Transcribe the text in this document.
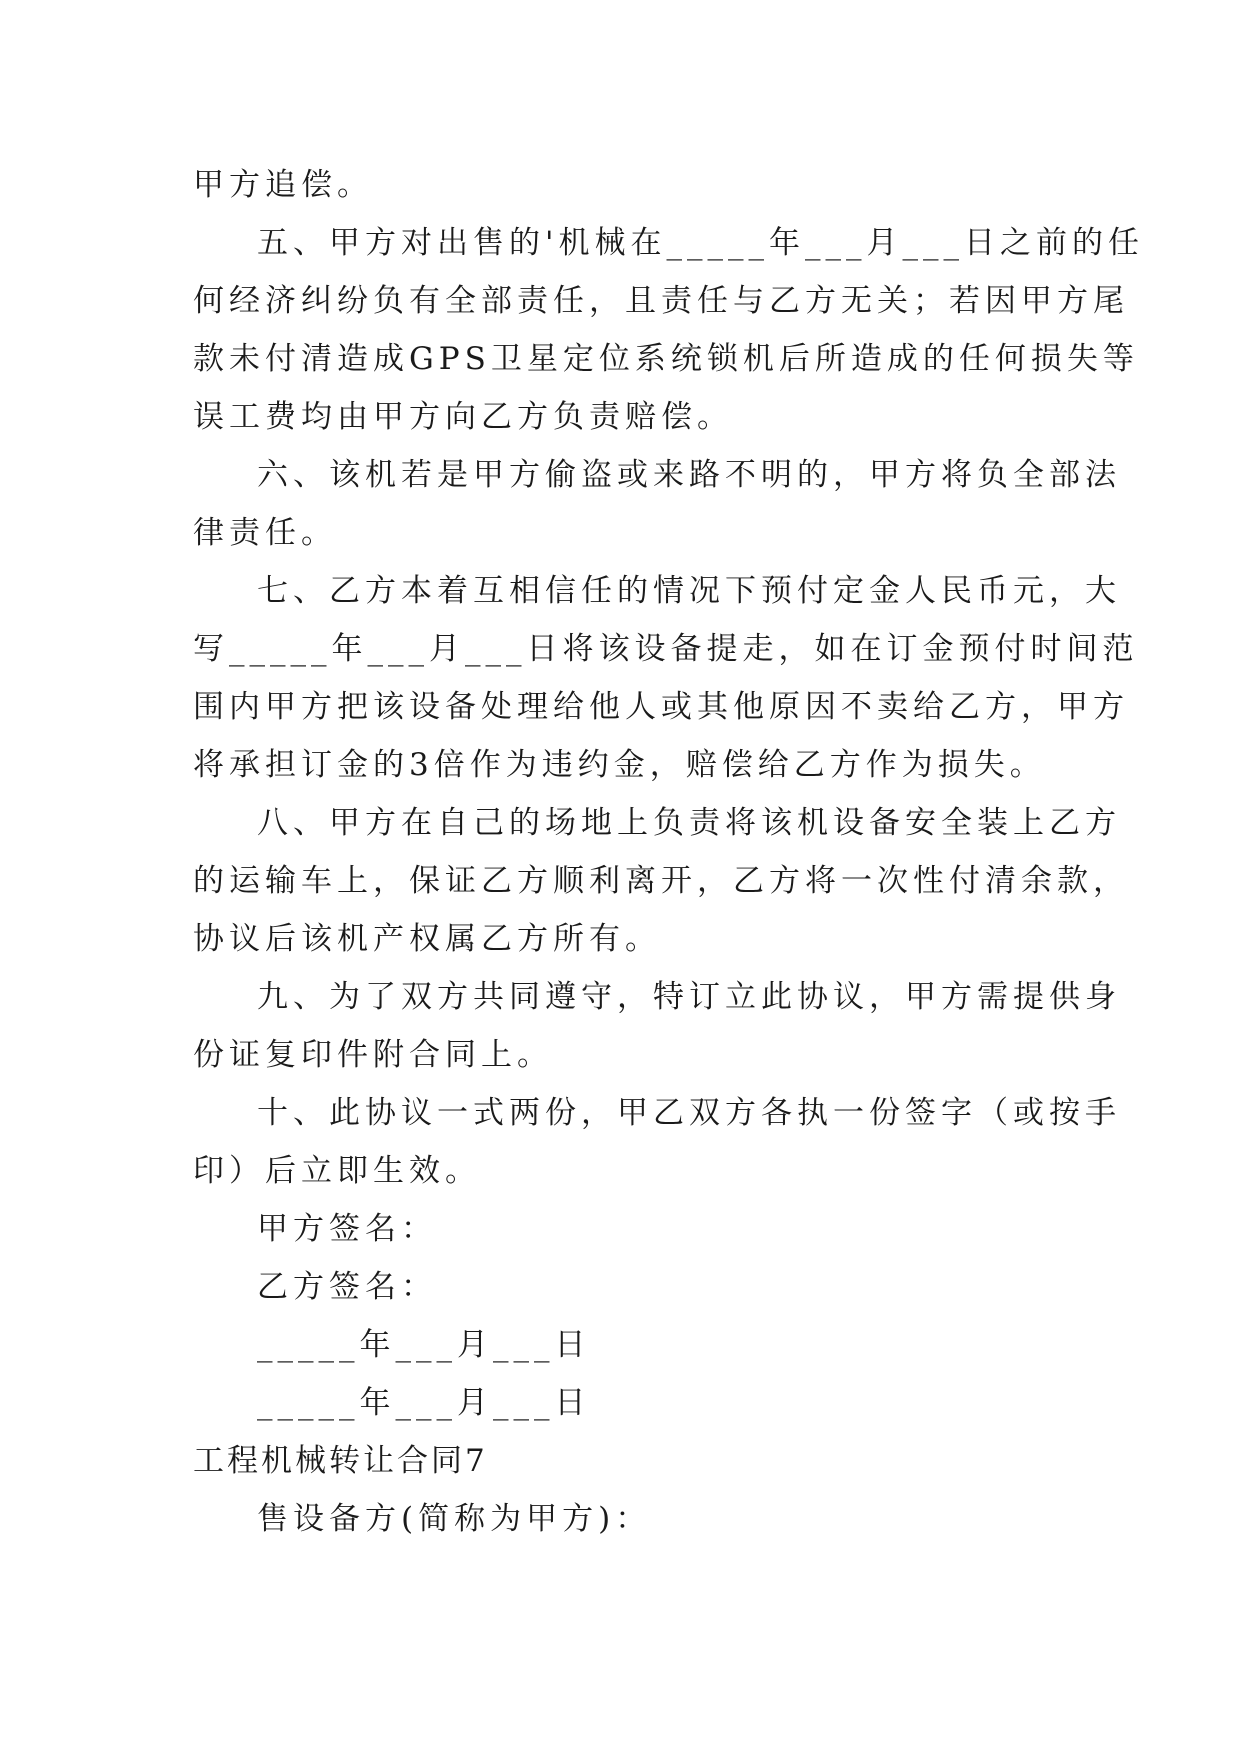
甲方追偿。
五、甲方对出售的'机械在_____年___月___日之前的任
何经济纠纷负有全部责任，且责任与乙方无关；若因甲方尾
款未付清造成GPS卫星定位系统锁机后所造成的任何损失等
误工费均由甲方向乙方负责赔偿。
六、该机若是甲方偷盗或来路不明的，甲方将负全部法
律责任。
七、乙方本着互相信任的情况下预付定金人民币元，大
写_____年___月___日将该设备提走，如在订金预付时间范
围内甲方把该设备处理给他人或其他原因不卖给乙方，甲方
将承担订金的3倍作为违约金，赔偿给乙方作为损失。
八、甲方在自己的场地上负责将该机设备安全装上乙方
的运输车上，保证乙方顺利离开，乙方将一次性付清余款，
协议后该机产权属乙方所有。
九、为了双方共同遵守，特订立此协议，甲方需提供身
份证复印件附合同上。
十、此协议一式两份，甲乙双方各执一份签字（或按手
印）后立即生效。
甲方签名：
乙方签名：
_____年___月___日
_____年___月___日
工程机械转让合同7
售设备方(简称为甲方)：
